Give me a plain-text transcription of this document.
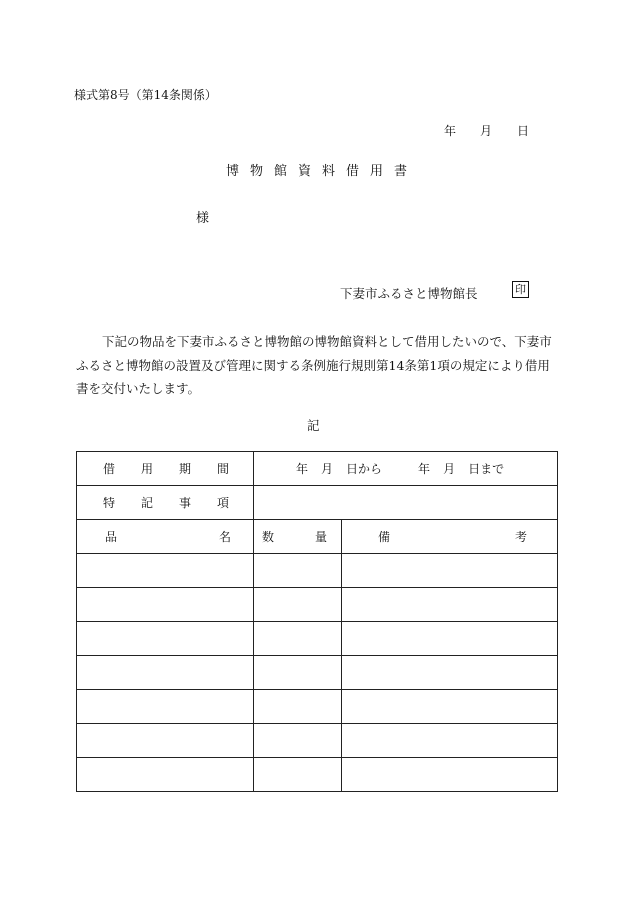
様式第8号（第14条関係）
年 月 日
博物館資料借用書
様
下妻市ふるさと博物館長	印
下記の物品を下妻市ふるさと博物館の博物館資料として借用したいので、下妻市ふるさと博物館の設置及び管理に関する条例施行規則第14条第1項の規定により借用書を交付いたします。
記
借 用 期 間	年 月 日から 年 月 日まで	

特 記 事 項		

品 名	数 量	備 考
